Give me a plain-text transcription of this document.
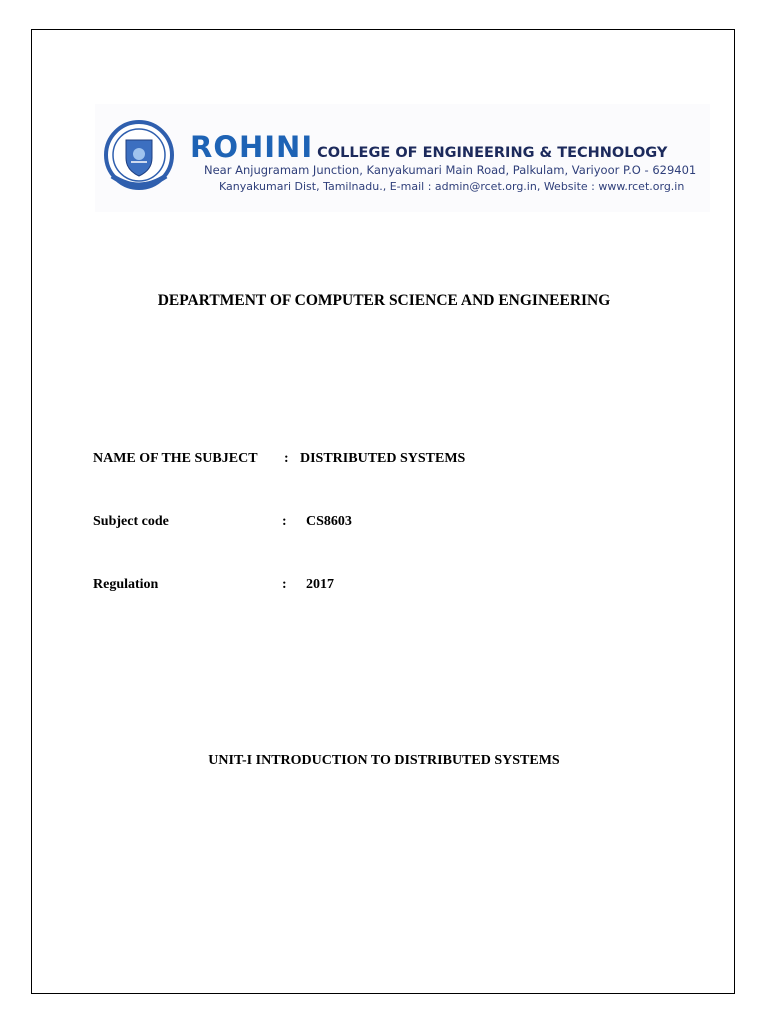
ROHINI COLLEGE OF ENGINEERING & TECHNOLOGY
Near Anjugramam Junction, Kanyakumari Main Road, Palkulam, Variyoor P.O - 629401
Kanyakumari Dist, Tamilnadu., E-mail : admin@rcet.org.in, Website : www.rcet.org.in
DEPARTMENT OF COMPUTER SCIENCE AND ENGINEERING
NAME OF THE SUBJECT : DISTRIBUTED SYSTEMS
Subject code	: CS8603
Regulation	: 2017
UNIT-I INTRODUCTION TO DISTRIBUTED SYSTEMS
